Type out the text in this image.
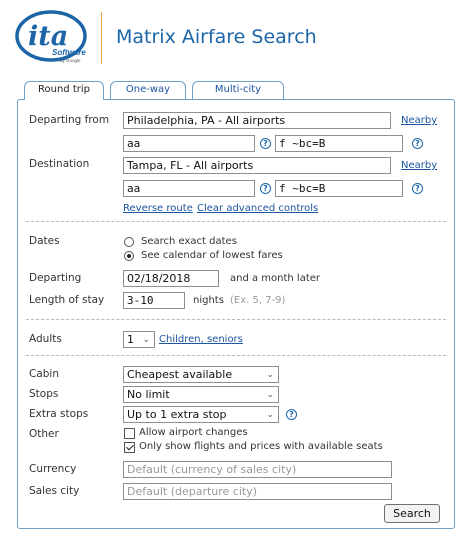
ita
Software
by Google
Matrix Airfare Search
Round trip	One-way	Multi-city
Departing from	Philadelphia, PA - All airports	Nearby
aa	?	f ~bc=B	?
Destination	Tampa, FL - All airports	Nearby
aa	?	f ~bc=B	?
Reverse route Clear advanced controls
Dates	Search exact dates
See calendar of lowest fares
Departing	02/18/2018	and a month later
Length of stay	3-10	nights (Ex. 5, 7-9)
Adults	1 ⌄ Children, seniors
Cabin	Cheapest available	⌄
Stops	No limit	⌄
Extra stops	Up to 1 extra stop	⌄	?
Other	Allow airport changes
Only show flights and prices with available seats
Currency	Default (currency of sales city)
Sales city	Default (departure city)
Search
